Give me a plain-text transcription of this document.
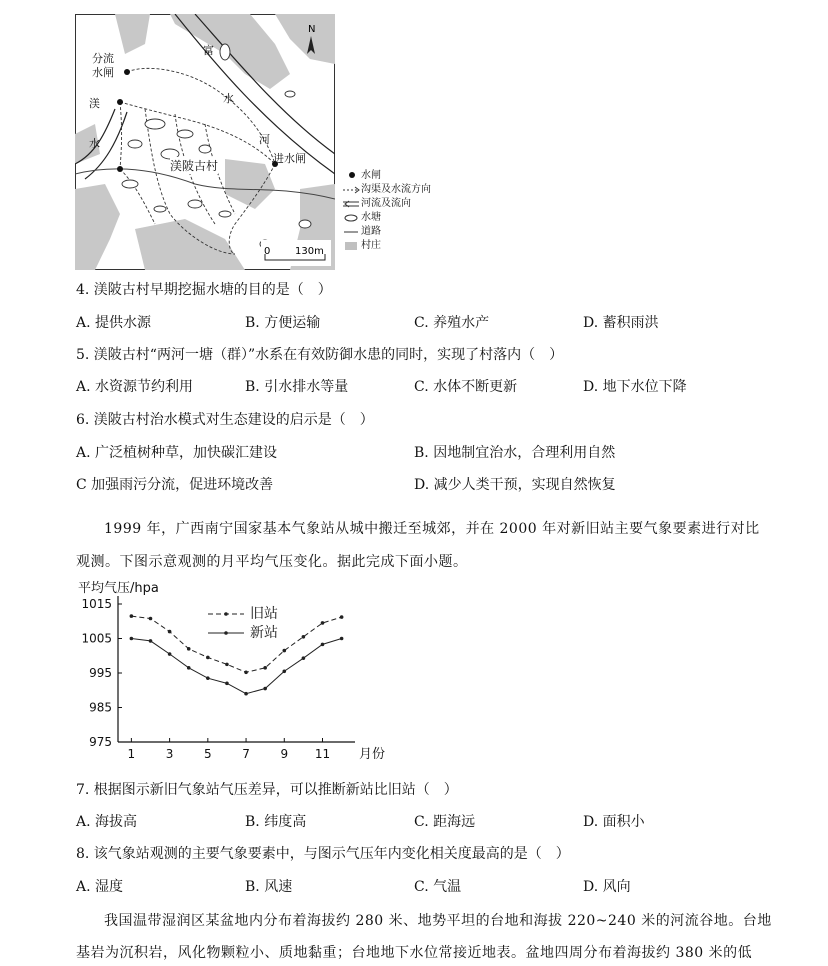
N
0 130m
分流
水闸
渼
水
富
水
河
进水闸
渼陂古村
水闸
沟渠及水流方向
河流及流向
水塘
道路
村庄
4. 渼陂古村早期挖掘水塘的目的是（　）
A. 提供水源	B. 方便运输	C. 养殖水产	D. 蓄积雨洪
5. 渼陂古村“两河一塘（群）”水系在有效防御水患的同时，实现了村落内（　）
A. 水资源节约利用	B. 引水排水等量	C. 水体不断更新	D. 地下水位下降
6. 渼陂古村治水模式对生态建设的启示是（　）
A. 广泛植树种草，加快碳汇建设	B. 因地制宜治水，合理利用自然
C 加强雨污分流，促进环境改善	D. 减少人类干预，实现自然恢复
1999 年，广西南宁国家基本气象站从城中搬迁至城郊，并在 2000 年对新旧站主要气象要素进行对比
观测。下图示意观测的月平均气压变化。据此完成下面小题。
平均气压/hpa
1015
1005
995
985
975
1	3	5	7	9 11 月份
旧站
新站
7. 根据图示新旧气象站气压差异，可以推断新站比旧站（　）
A. 海拔高	B. 纬度高	C. 距海远	D. 面积小
8. 该气象站观测的主要气象要素中，与图示气压年内变化相关度最高的是（　）
A. 湿度	B. 风速	C. 气温	D. 风向
我国温带湿润区某盆地内分布着海拔约 280 米、地势平坦的台地和海拔 220~240 米的河流谷地。台地
基岩为沉积岩，风化物颗粒小、质地黏重；台地地下水位常接近地表。盆地四周分布着海拔约 380 米的低
